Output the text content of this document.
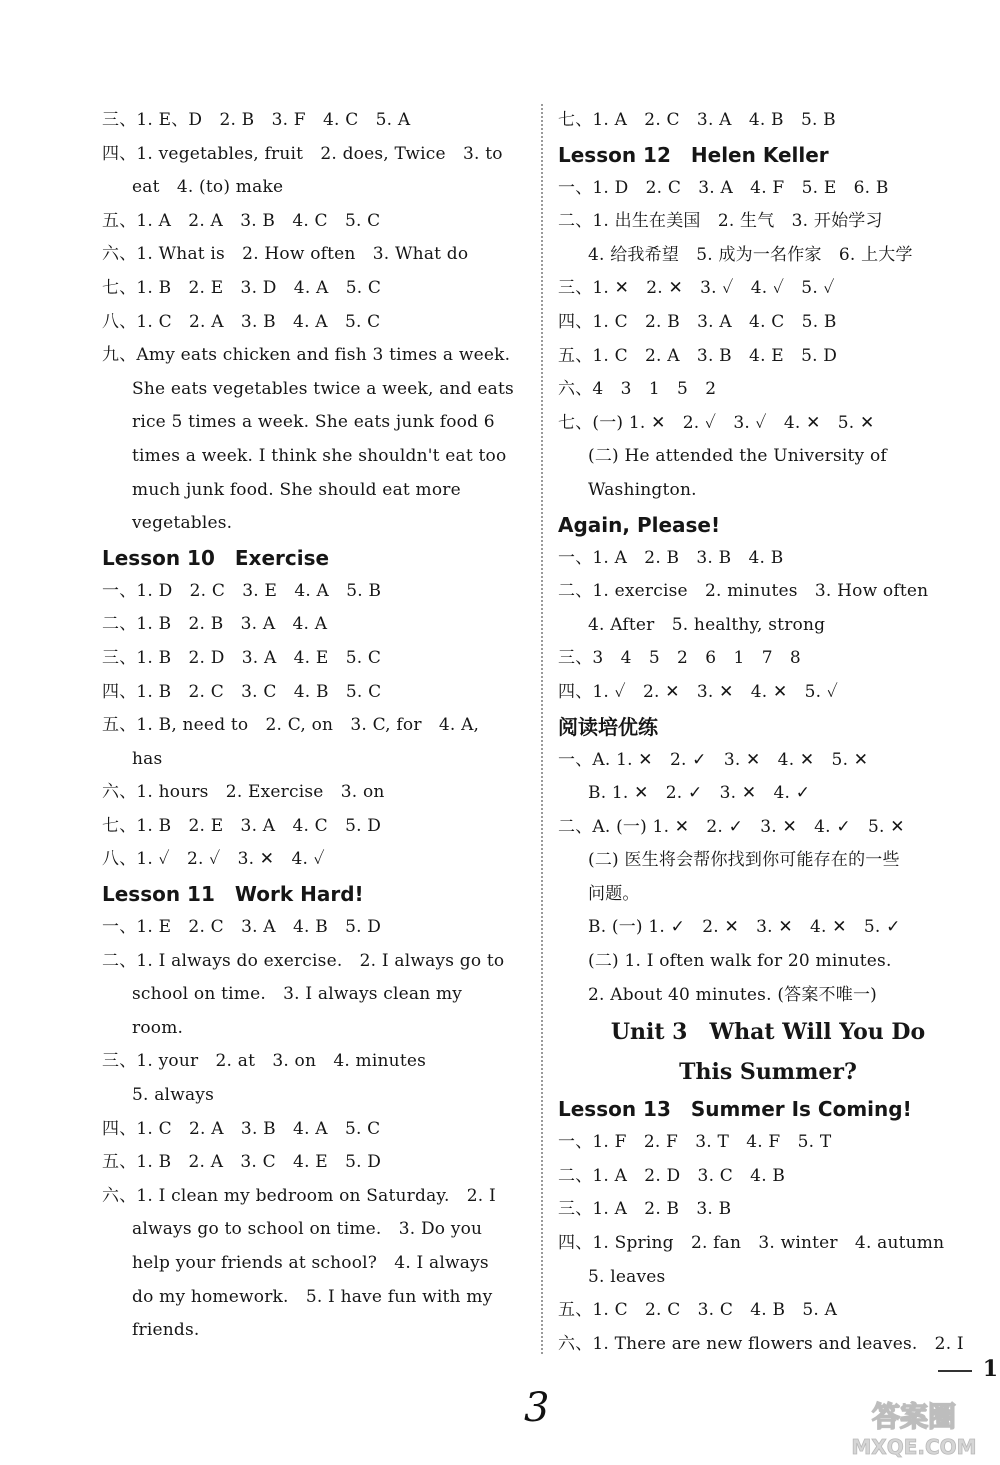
三、1. E、D　2. B　3. F　4. C　5. A
四、1. vegetables, fruit　2. does, Twice　3. to
eat　4. (to) make
五、1. A　2. A　3. B　4. C　5. C
六、1. What is　2. How often　3. What do
七、1. B　2. E　3. D　4. A　5. C
八、1. C　2. A　3. B　4. A　5. C
九、Amy eats chicken and fish 3 times a week.
She eats vegetables twice a week, and eats
rice 5 times a week. She eats junk food 6
times a week. I think she shouldn't eat too
much junk food. She should eat more
vegetables.
Lesson 10　Exercise
一、1. D　2. C　3. E　4. A　5. B
二、1. B　2. B　3. A　4. A
三、1. B　2. D　3. A　4. E　5. C
四、1. B　2. C　3. C　4. B　5. C
五、1. B, need to　2. C, on　3. C, for　4. A,
has
六、1. hours　2. Exercise　3. on
七、1. B　2. E　3. A　4. C　5. D
八、1. ✓　2. ✓　3. ✕　4. ✓
Lesson 11　Work Hard!
一、1. E　2. C　3. A　4. B　5. D
二、1. I always do exercise.　2. I always go to
school on time.　3. I always clean my
room.
三、1. your　2. at　3. on　4. minutes
5. always
四、1. C　2. A　3. B　4. A　5. C
五、1. B　2. A　3. C　4. E　5. D
六、1. I clean my bedroom on Saturday.　2. I
always go to school on time.　3. Do you
help your friends at school?　4. I always
do my homework.　5. I have fun with my
friends.
七、1. A　2. C　3. A　4. B　5. B
Lesson 12　Helen Keller
一、1. D　2. C　3. A　4. F　5. E　6. B
二、1. 出生在美国　2. 生气　3. 开始学习
4. 给我希望　5. 成为一名作家　6. 上大学
三、1. ✕　2. ✕　3. ✓　4. ✓　5. ✓
四、1. C　2. B　3. A　4. C　5. B
五、1. C　2. A　3. B　4. E　5. D
六、4　3　1　5　2
七、(一) 1. ✕　2. ✓　3. ✓　4. ✕　5. ✕
(二) He attended the University of
Washington.
Again, Please!
一、1. A　2. B　3. B　4. B
二、1. exercise　2. minutes　3. How often
4. After　5. healthy, strong
三、3　4　5　2　6　1　7　8
四、1. ✓　2. ✕　3. ✕　4. ✕　5. ✓
阅读培优练
一、A. 1. ✕　2. ✓　3. ✕　4. ✕　5. ✕
B. 1. ✕　2. ✓　3. ✕　4. ✓
二、A. (一) 1. ✕　2. ✓　3. ✕　4. ✓　5. ✕
(二) 医生将会帮你找到你可能存在的一些
问题。
B. (一) 1. ✓　2. ✕　3. ✕　4. ✕　5. ✓
(二) 1. I often walk for 20 minutes.
2. About 40 minutes. (答案不唯一)
Unit 3　What Will You Do
This Summer?
Lesson 13　Summer Is Coming!
一、1. F　2. F　3. T　4. F　5. T
二、1. A　2. D　3. C　4. B
三、1. A　2. B　3. B
四、1. Spring　2. fan　3. winter　4. autumn
5. leaves
五、1. C　2. C　3. C　4. B　5. A
六、1. There are new flowers and leaves.　2. I
1
3	答案圈
MXQE.COM
